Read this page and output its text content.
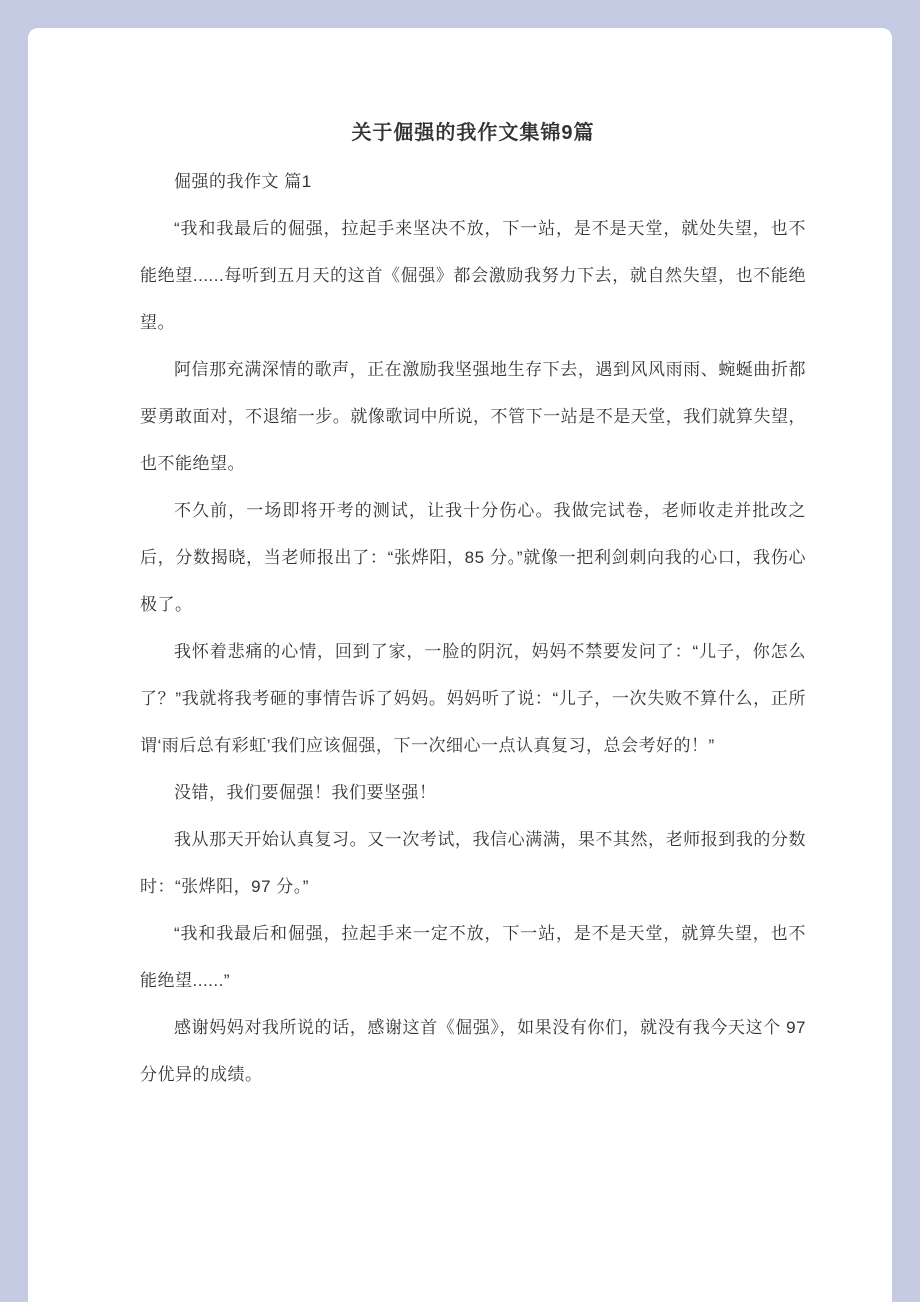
关于倔强的我作文集锦9篇

倔强的我作文 篇1

“我和我最后的倔强，拉起手来坚决不放，下一站，是不是天堂，就处失望，也不能绝望......每听到五月天的这首《倔强》都会激励我努力下去，就自然失望，也不能绝望。

阿信那充满深情的歌声，正在激励我坚强地生存下去，遇到风风雨雨、蜿蜒曲折都要勇敢面对，不退缩一步。就像歌词中所说，不管下一站是不是天堂，我们就算失望，也不能绝望。

不久前，一场即将开考的测试，让我十分伤心。我做完试卷，老师收走并批改之后，分数揭晓，当老师报出了：“张烨阳，85 分。”就像一把利剑刺向我的心口，我伤心极了。

我怀着悲痛的心情，回到了家，一脸的阴沉，妈妈不禁要发问了：“儿子，你怎么了？”我就将我考砸的事情告诉了妈妈。妈妈听了说：“儿子，一次失败不算什么，正所谓‘雨后总有彩虹’我们应该倔强，下一次细心一点认真复习，总会考好的！”

没错，我们要倔强！我们要坚强！

我从那天开始认真复习。又一次考试，我信心满满，果不其然，老师报到我的分数时：“张烨阳，97 分。”

“我和我最后和倔强，拉起手来一定不放，下一站，是不是天堂，就算失望，也不能绝望......”

感谢妈妈对我所说的话，感谢这首《倔强》，如果没有你们，就没有我今天这个 97 分优异的成绩。
